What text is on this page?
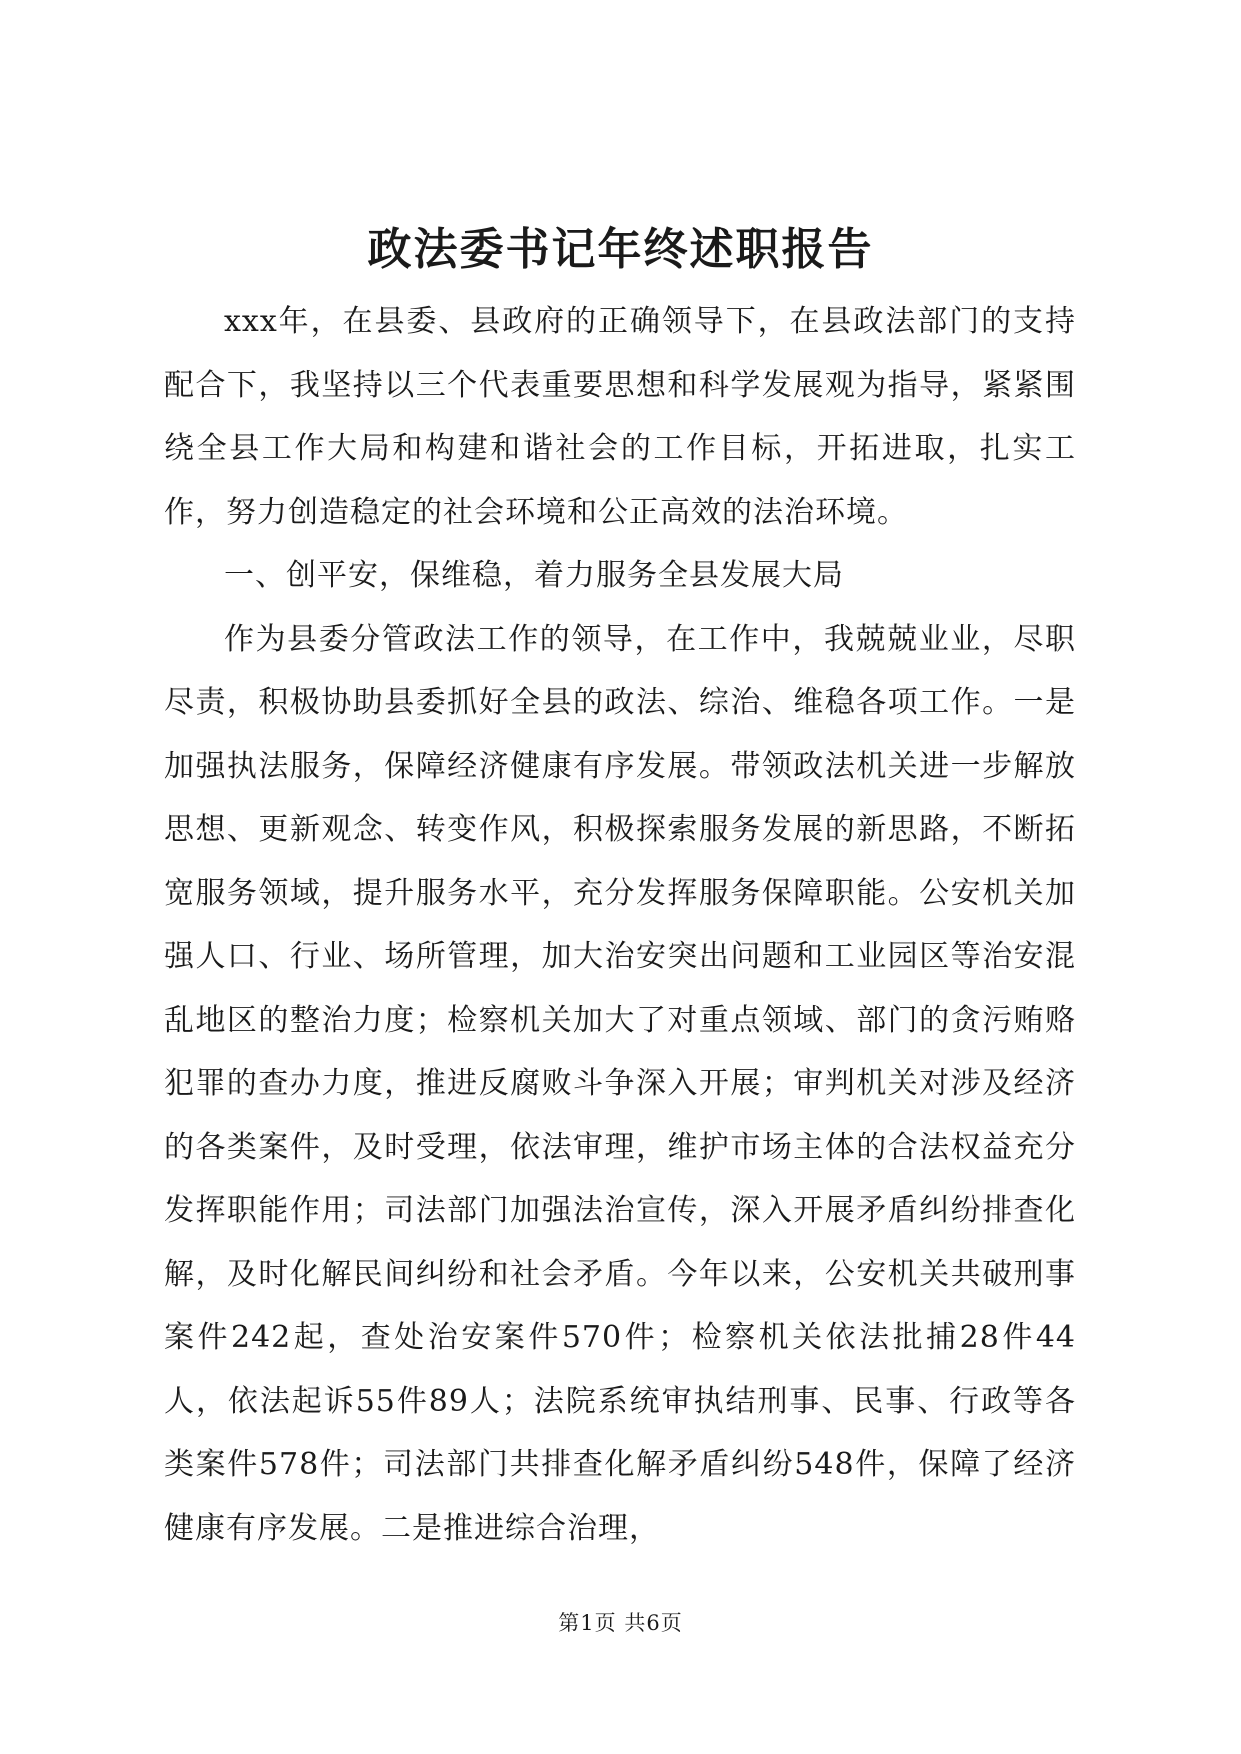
政法委书记年终述职报告

xxx年，在县委、县政府的正确领导下，在县政法部门的支持配合下，我坚持以三个代表重要思想和科学发展观为指导，紧紧围绕全县工作大局和构建和谐社会的工作目标，开拓进取，扎实工作，努力创造稳定的社会环境和公正高效的法治环境。

一、创平安，保维稳，着力服务全县发展大局

作为县委分管政法工作的领导，在工作中，我兢兢业业，尽职尽责，积极协助县委抓好全县的政法、综治、维稳各项工作。一是加强执法服务，保障经济健康有序发展。带领政法机关进一步解放思想、更新观念、转变作风，积极探索服务发展的新思路，不断拓宽服务领域，提升服务水平，充分发挥服务保障职能。公安机关加强人口、行业、场所管理，加大治安突出问题和工业园区等治安混乱地区的整治力度；检察机关加大了对重点领域、部门的贪污贿赂犯罪的查办力度，推进反腐败斗争深入开展；审判机关对涉及经济的各类案件，及时受理，依法审理，维护市场主体的合法权益充分发挥职能作用；司法部门加强法治宣传，深入开展矛盾纠纷排查化解，及时化解民间纠纷和社会矛盾。今年以来，公安机关共破刑事案件242起，查处治安案件570件；检察机关依法批捕28件44人，依法起诉55件89人；法院系统审执结刑事、民事、行政等各类案件578件；司法部门共排查化解矛盾纠纷548件，保障了经济健康有序发展。二是推进综合治理，

第1页 共6页
